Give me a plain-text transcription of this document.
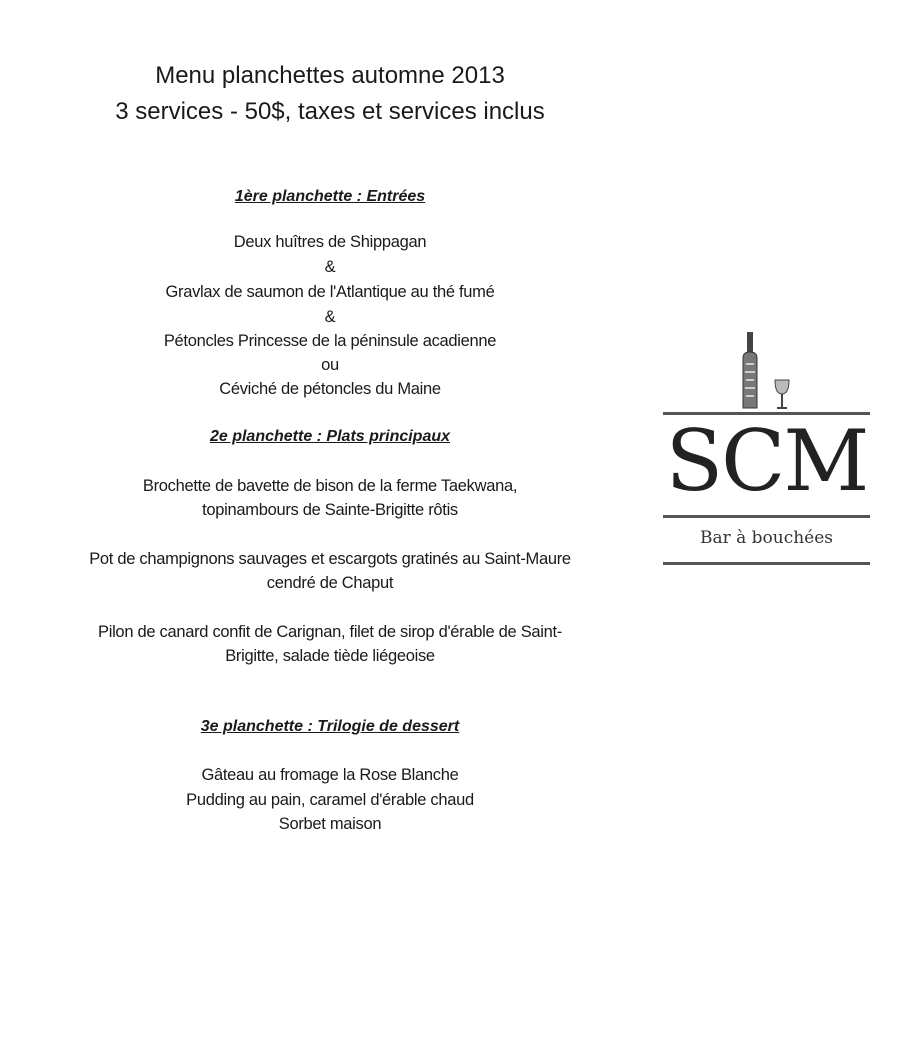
Menu planchettes automne 2013
3 services - 50$, taxes et services inclus
1ère planchette : Entrées
Deux huîtres de Shippagan
&
Gravlax de saumon de l'Atlantique au thé fumé
&
Pétoncles Princesse de la péninsule acadienne
ou
Céviché de pétoncles du Maine
2e planchette : Plats principaux
Brochette de bavette de bison de la ferme Taekwana,
topinambours de Sainte-Brigitte rôtis
Pot de champignons sauvages et escargots gratinés au Saint-Maure
cendré de Chaput
Pilon de canard confit de Carignan, filet de sirop d'érable de Saint-
Brigitte, salade tiède liégeoise
3e planchette : Trilogie de dessert
Gâteau au fromage la Rose Blanche
Pudding au pain, caramel d'érable chaud
Sorbet maison
SCM
Bar à bouchées
